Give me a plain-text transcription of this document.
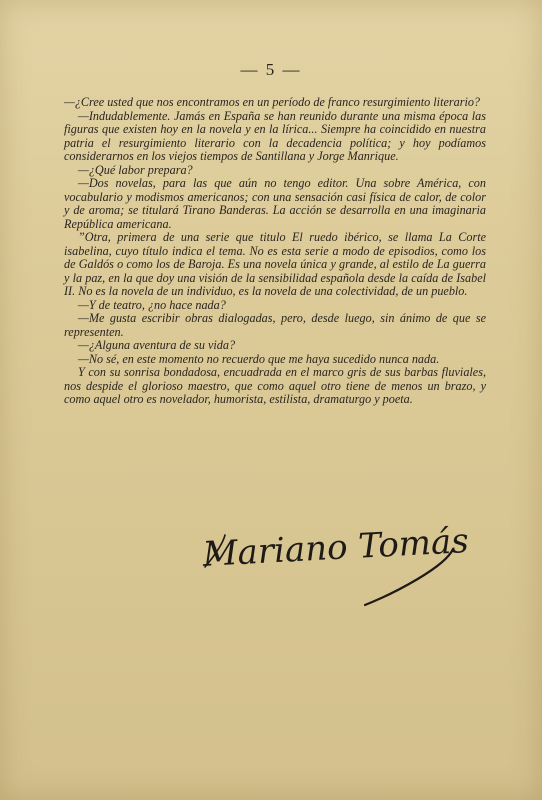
— 5 —

—¿Cree usted que nos encontramos en un período de franco resurgimiento literario?

—Indudablemente. Jamás en España se han reunido durante una misma época las figuras que existen hoy en la novela y en la lírica... Siempre ha coincidido en nuestra patria el resurgimiento literario con la decadencia política; y hoy podíamos considerarnos en los viejos tiempos de Santillana y Jorge Manrique.

—¿Qué labor prepara?

—Dos novelas, para las que aún no tengo editor. Una sobre América, con vocabulario y modismos americanos; con una sensación casi física de calor, de color y de aroma; se titulará Tirano Banderas. La acción se desarrolla en una imaginaria República americana.

”Otra, primera de una serie que titulo El ruedo ibérico, se llama La Corte isabelina, cuyo título indica el tema. No es esta serie a modo de episodios, como los de Galdós o como los de Baroja. Es una novela única y grande, al estilo de La guerra y la paz, en la que doy una visión de la sensibilidad española desde la caída de Isabel II. No es la novela de un individuo, es la novela de una colectividad, de un pueblo.

—Y de teatro, ¿no hace nada?

—Me gusta escribir obras dialogadas, pero, desde luego, sin ánimo de que se representen.

—¿Alguna aventura de su vida?

—No sé, en este momento no recuerdo que me haya sucedido nunca nada.

Y con su sonrisa bondadosa, encuadrada en el marco gris de sus barbas fluviales, nos despide el glorioso maestro, que como aquel otro tiene de menos un brazo, y como aquel otro es novelador, humorista, estilista, dramaturgo y poeta.

Mariano Tomás
